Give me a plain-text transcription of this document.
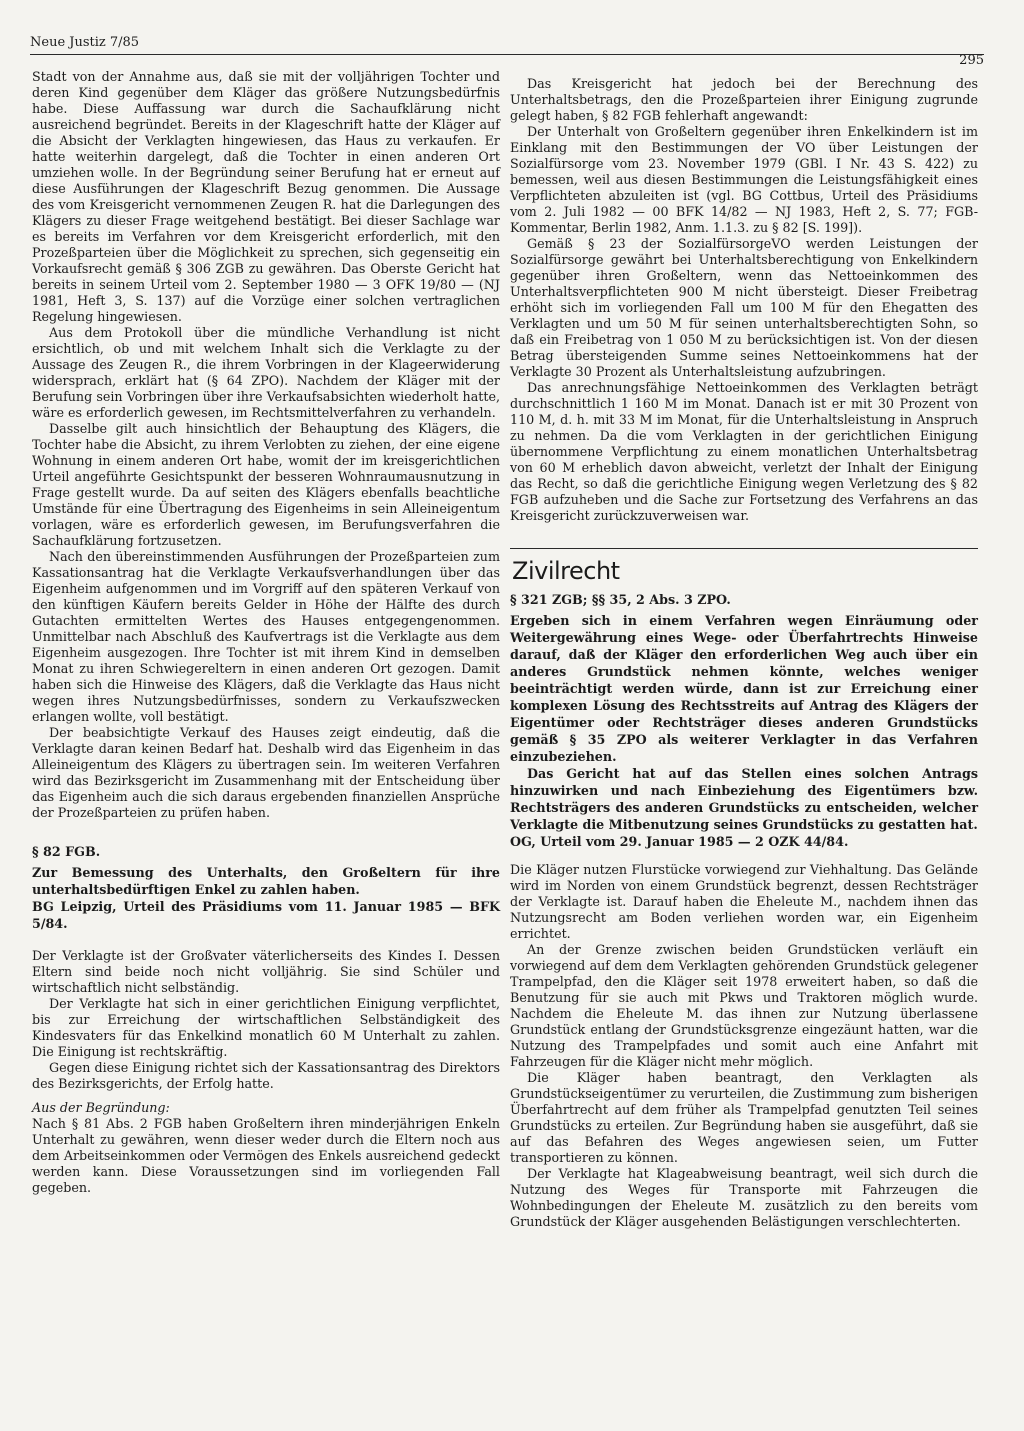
Neue Justiz 7/85
295

Stadt von der Annahme aus, daß sie mit der volljährigen Tochter und deren Kind gegenüber dem Kläger das größere Nutzungsbedürfnis habe. Diese Auffassung war durch die Sachaufklärung nicht ausreichend begründet. Bereits in der Klageschrift hatte der Kläger auf die Absicht der Verklagten hingewiesen, das Haus zu verkaufen. Er hatte weiterhin dargelegt, daß die Tochter in einen anderen Ort umziehen wolle. In der Begründung seiner Berufung hat er erneut auf diese Ausführungen der Klageschrift Bezug genommen. Die Aussage des vom Kreisgericht vernommenen Zeugen R. hat die Darlegungen des Klägers zu dieser Frage weitgehend bestätigt. Bei dieser Sachlage war es bereits im Verfahren vor dem Kreisgericht erforderlich, mit den Prozeßparteien über die Möglichkeit zu sprechen, sich gegenseitig ein Vorkaufsrecht gemäß § 306 ZGB zu gewähren. Das Oberste Gericht hat bereits in seinem Urteil vom 2. September 1980 — 3 OFK 19/80 — (NJ 1981, Heft 3, S. 137) auf die Vorzüge einer solchen vertraglichen Regelung hingewiesen.

Aus dem Protokoll über die mündliche Verhandlung ist nicht ersichtlich, ob und mit welchem Inhalt sich die Verklagte zu der Aussage des Zeugen R., die ihrem Vorbringen in der Klageerwiderung widersprach, erklärt hat (§ 64 ZPO). Nachdem der Kläger mit der Berufung sein Vorbringen über ihre Verkaufsabsichten wiederholt hatte, wäre es erforderlich gewesen, im Rechtsmittelverfahren zu verhandeln.

Dasselbe gilt auch hinsichtlich der Behauptung des Klägers, die Tochter habe die Absicht, zu ihrem Verlobten zu ziehen, der eine eigene Wohnung in einem anderen Ort habe, womit der im kreisgerichtlichen Urteil angeführte Gesichtspunkt der besseren Wohnraumausnutzung in Frage gestellt wurde. Da auf seiten des Klägers ebenfalls beachtliche Umstände für eine Übertragung des Eigenheims in sein Alleineigentum vorlagen, wäre es erforderlich gewesen, im Berufungsverfahren die Sachaufklärung fortzusetzen.

Nach den übereinstimmenden Ausführungen der Prozeßparteien zum Kassationsantrag hat die Verklagte Verkaufsverhandlungen über das Eigenheim aufgenommen und im Vorgriff auf den späteren Verkauf von den künftigen Käufern bereits Gelder in Höhe der Hälfte des durch Gutachten ermittelten Wertes des Hauses entgegengenommen. Unmittelbar nach Abschluß des Kaufvertrags ist die Verklagte aus dem Eigenheim ausgezogen. Ihre Tochter ist mit ihrem Kind in demselben Monat zu ihren Schwiegereltern in einen anderen Ort gezogen. Damit haben sich die Hinweise des Klägers, daß die Verklagte das Haus nicht wegen ihres Nutzungsbedürfnisses, sondern zu Verkaufszwecken erlangen wollte, voll bestätigt.

Der beabsichtigte Verkauf des Hauses zeigt eindeutig, daß die Verklagte daran keinen Bedarf hat. Deshalb wird das Eigenheim in das Alleineigentum des Klägers zu übertragen sein. Im weiteren Verfahren wird das Bezirksgericht im Zusammenhang mit der Entscheidung über das Eigenheim auch die sich daraus ergebenden finanziellen Ansprüche der Prozeßparteien zu prüfen haben.

§ 82 FGB.

Zur Bemessung des Unterhalts, den Großeltern für ihre unterhaltsbedürftigen Enkel zu zahlen haben.

BG Leipzig, Urteil des Präsidiums vom 11. Januar 1985 — BFK 5/84.

Der Verklagte ist der Großvater väterlicherseits des Kindes I. Dessen Eltern sind beide noch nicht volljährig. Sie sind Schüler und wirtschaftlich nicht selbständig.

Der Verklagte hat sich in einer gerichtlichen Einigung verpflichtet, bis zur Erreichung der wirtschaftlichen Selbständigkeit des Kindesvaters für das Enkelkind monatlich 60 M Unterhalt zu zahlen. Die Einigung ist rechtskräftig.

Gegen diese Einigung richtet sich der Kassationsantrag des Direktors des Bezirksgerichts, der Erfolg hatte.

Aus der Begründung:

Nach § 81 Abs. 2 FGB haben Großeltern ihren minderjährigen Enkeln Unterhalt zu gewähren, wenn dieser weder durch die Eltern noch aus dem Arbeitseinkommen oder Vermögen des Enkels ausreichend gedeckt werden kann. Diese Voraussetzungen sind im vorliegenden Fall gegeben.

Das Kreisgericht hat jedoch bei der Berechnung des Unterhaltsbetrags, den die Prozeßparteien ihrer Einigung zugrunde gelegt haben, § 82 FGB fehlerhaft angewandt:

Der Unterhalt von Großeltern gegenüber ihren Enkelkindern ist im Einklang mit den Bestimmungen der VO über Leistungen der Sozialfürsorge vom 23. November 1979 (GBl. I Nr. 43 S. 422) zu bemessen, weil aus diesen Bestimmungen die Leistungsfähigkeit eines Verpflichteten abzuleiten ist (vgl. BG Cottbus, Urteil des Präsidiums vom 2. Juli 1982 — 00 BFK 14/82 — NJ 1983, Heft 2, S. 77; FGB-Kommentar, Berlin 1982, Anm. 1.1.3. zu § 82 [S. 199]).

Gemäß § 23 der SozialfürsorgeVO werden Leistungen der Sozialfürsorge gewährt bei Unterhaltsberechtigung von Enkelkindern gegenüber ihren Großeltern, wenn das Nettoeinkommen des Unterhaltsverpflichteten 900 M nicht übersteigt. Dieser Freibetrag erhöht sich im vorliegenden Fall um 100 M für den Ehegatten des Verklagten und um 50 M für seinen unterhaltsberechtigten Sohn, so daß ein Freibetrag von 1 050 M zu berücksichtigen ist. Von der diesen Betrag übersteigenden Summe seines Nettoeinkommens hat der Verklagte 30 Prozent als Unterhaltsleistung aufzubringen.

Das anrechnungsfähige Nettoeinkommen des Verklagten beträgt durchschnittlich 1 160 M im Monat. Danach ist er mit 30 Prozent von 110 M, d. h. mit 33 M im Monat, für die Unterhaltsleistung in Anspruch zu nehmen. Da die vom Verklagten in der gerichtlichen Einigung übernommene Verpflichtung zu einem monatlichen Unterhaltsbetrag von 60 M erheblich davon abweicht, verletzt der Inhalt der Einigung das Recht, so daß die gerichtliche Einigung wegen Verletzung des § 82 FGB aufzuheben und die Sache zur Fortsetzung des Verfahrens an das Kreisgericht zurückzuverweisen war.

Zivilrecht

§ 321 ZGB; §§ 35, 2 Abs. 3 ZPO.

Ergeben sich in einem Verfahren wegen Einräumung oder Weitergewährung eines Wege- oder Überfahrtrechts Hinweise darauf, daß der Kläger den erforderlichen Weg auch über ein anderes Grundstück nehmen könnte, welches weniger beeinträchtigt werden würde, dann ist zur Erreichung einer komplexen Lösung des Rechtsstreits auf Antrag des Klägers der Eigentümer oder Rechtsträger dieses anderen Grundstücks gemäß § 35 ZPO als weiterer Verklagter in das Verfahren einzubeziehen.

Das Gericht hat auf das Stellen eines solchen Antrags hinzuwirken und nach Einbeziehung des Eigentümers bzw. Rechtsträgers des anderen Grundstücks zu entscheiden, welcher Verklagte die Mitbenutzung seines Grundstücks zu gestatten hat.

OG, Urteil vom 29. Januar 1985 — 2 OZK 44/84.

Die Kläger nutzen Flurstücke vorwiegend zur Viehhaltung. Das Gelände wird im Norden von einem Grundstück begrenzt, dessen Rechtsträger der Verklagte ist. Darauf haben die Eheleute M., nachdem ihnen das Nutzungsrecht am Boden verliehen worden war, ein Eigenheim errichtet.

An der Grenze zwischen beiden Grundstücken verläuft ein vorwiegend auf dem dem Verklagten gehörenden Grundstück gelegener Trampelpfad, den die Kläger seit 1978 erweitert haben, so daß die Benutzung für sie auch mit Pkws und Traktoren möglich wurde. Nachdem die Eheleute M. das ihnen zur Nutzung überlassene Grundstück entlang der Grundstücksgrenze eingezäunt hatten, war die Nutzung des Trampelpfades und somit auch eine Anfahrt mit Fahrzeugen für die Kläger nicht mehr möglich.

Die Kläger haben beantragt, den Verklagten als Grundstückseigentümer zu verurteilen, die Zustimmung zum bisherigen Überfahrtrecht auf dem früher als Trampelpfad genutzten Teil seines Grundstücks zu erteilen. Zur Begründung haben sie ausgeführt, daß sie auf das Befahren des Weges angewiesen seien, um Futter transportieren zu können.

Der Verklagte hat Klageabweisung beantragt, weil sich durch die Nutzung des Weges für Transporte mit Fahrzeugen die Wohnbedingungen der Eheleute M. zusätzlich zu den bereits vom Grundstück der Kläger ausgehenden Belästigungen verschlechterten.
